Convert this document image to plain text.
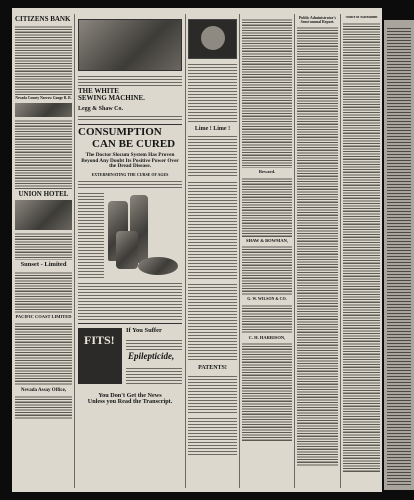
CITIZENS BANK
Nevada County Narrow Gauge R. R.
UNION HOTEL
Sunset - Limited
PACIFIC COAST LIMITED
Nevada Assay Office,
THE WHITE
SEWING MACHINE.
Legg & Shaw Co.
CONSUMPTION
CAN BE CURED
The Doctor Slocum System Has Proven Beyond Any Doubt Its Positive Power Over the Dread Disease.
EXTERMINATING THE CURSE OF AGES
FITS!
If You Suffer
Epilepticide,
You Don't Get the News
Unless you Read the Transcript.
Lime ! Lime !
PATENTS!
Reward.
SHAW & BOWMAN,
G. W. WILSON & CO.
C. H. HARRISON,
Public Administrator's
Semi-annual Report.
Notice of Assessment
